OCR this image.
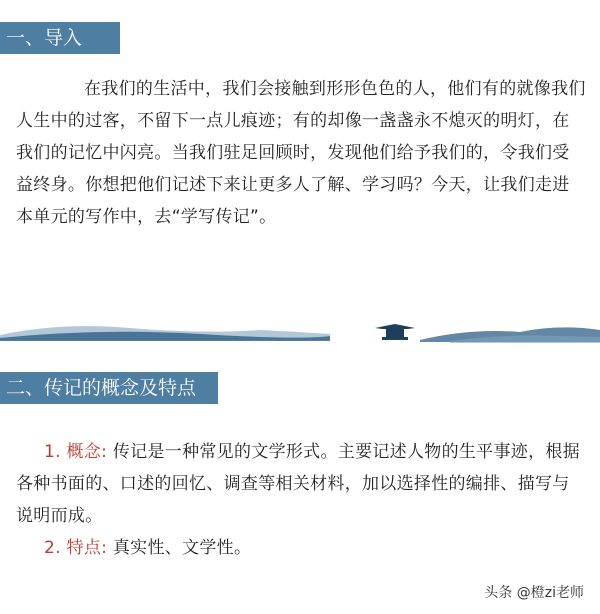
一、导入
在我们的生活中，我们会接触到形形色色的人，他们有的就像我们人生中的过客，不留下一点儿痕迹；有的却像一盏盏永不熄灭的明灯，在我们的记忆中闪亮。当我们驻足回顾时，发现他们给予我们的，令我们受益终身。你想把他们记述下来让更多人了解、学习吗？今天，让我们走进本单元的写作中，去“学写传记”。
二、传记的概念及特点
1. 概念: 传记是一种常见的文学形式。主要记述人物的生平事迹，根据各种书面的、口述的回忆、调查等相关材料，加以选择性的编排、描写与说明而成。
2. 特点: 真实性、文学性。
头条 @橙zi老师
